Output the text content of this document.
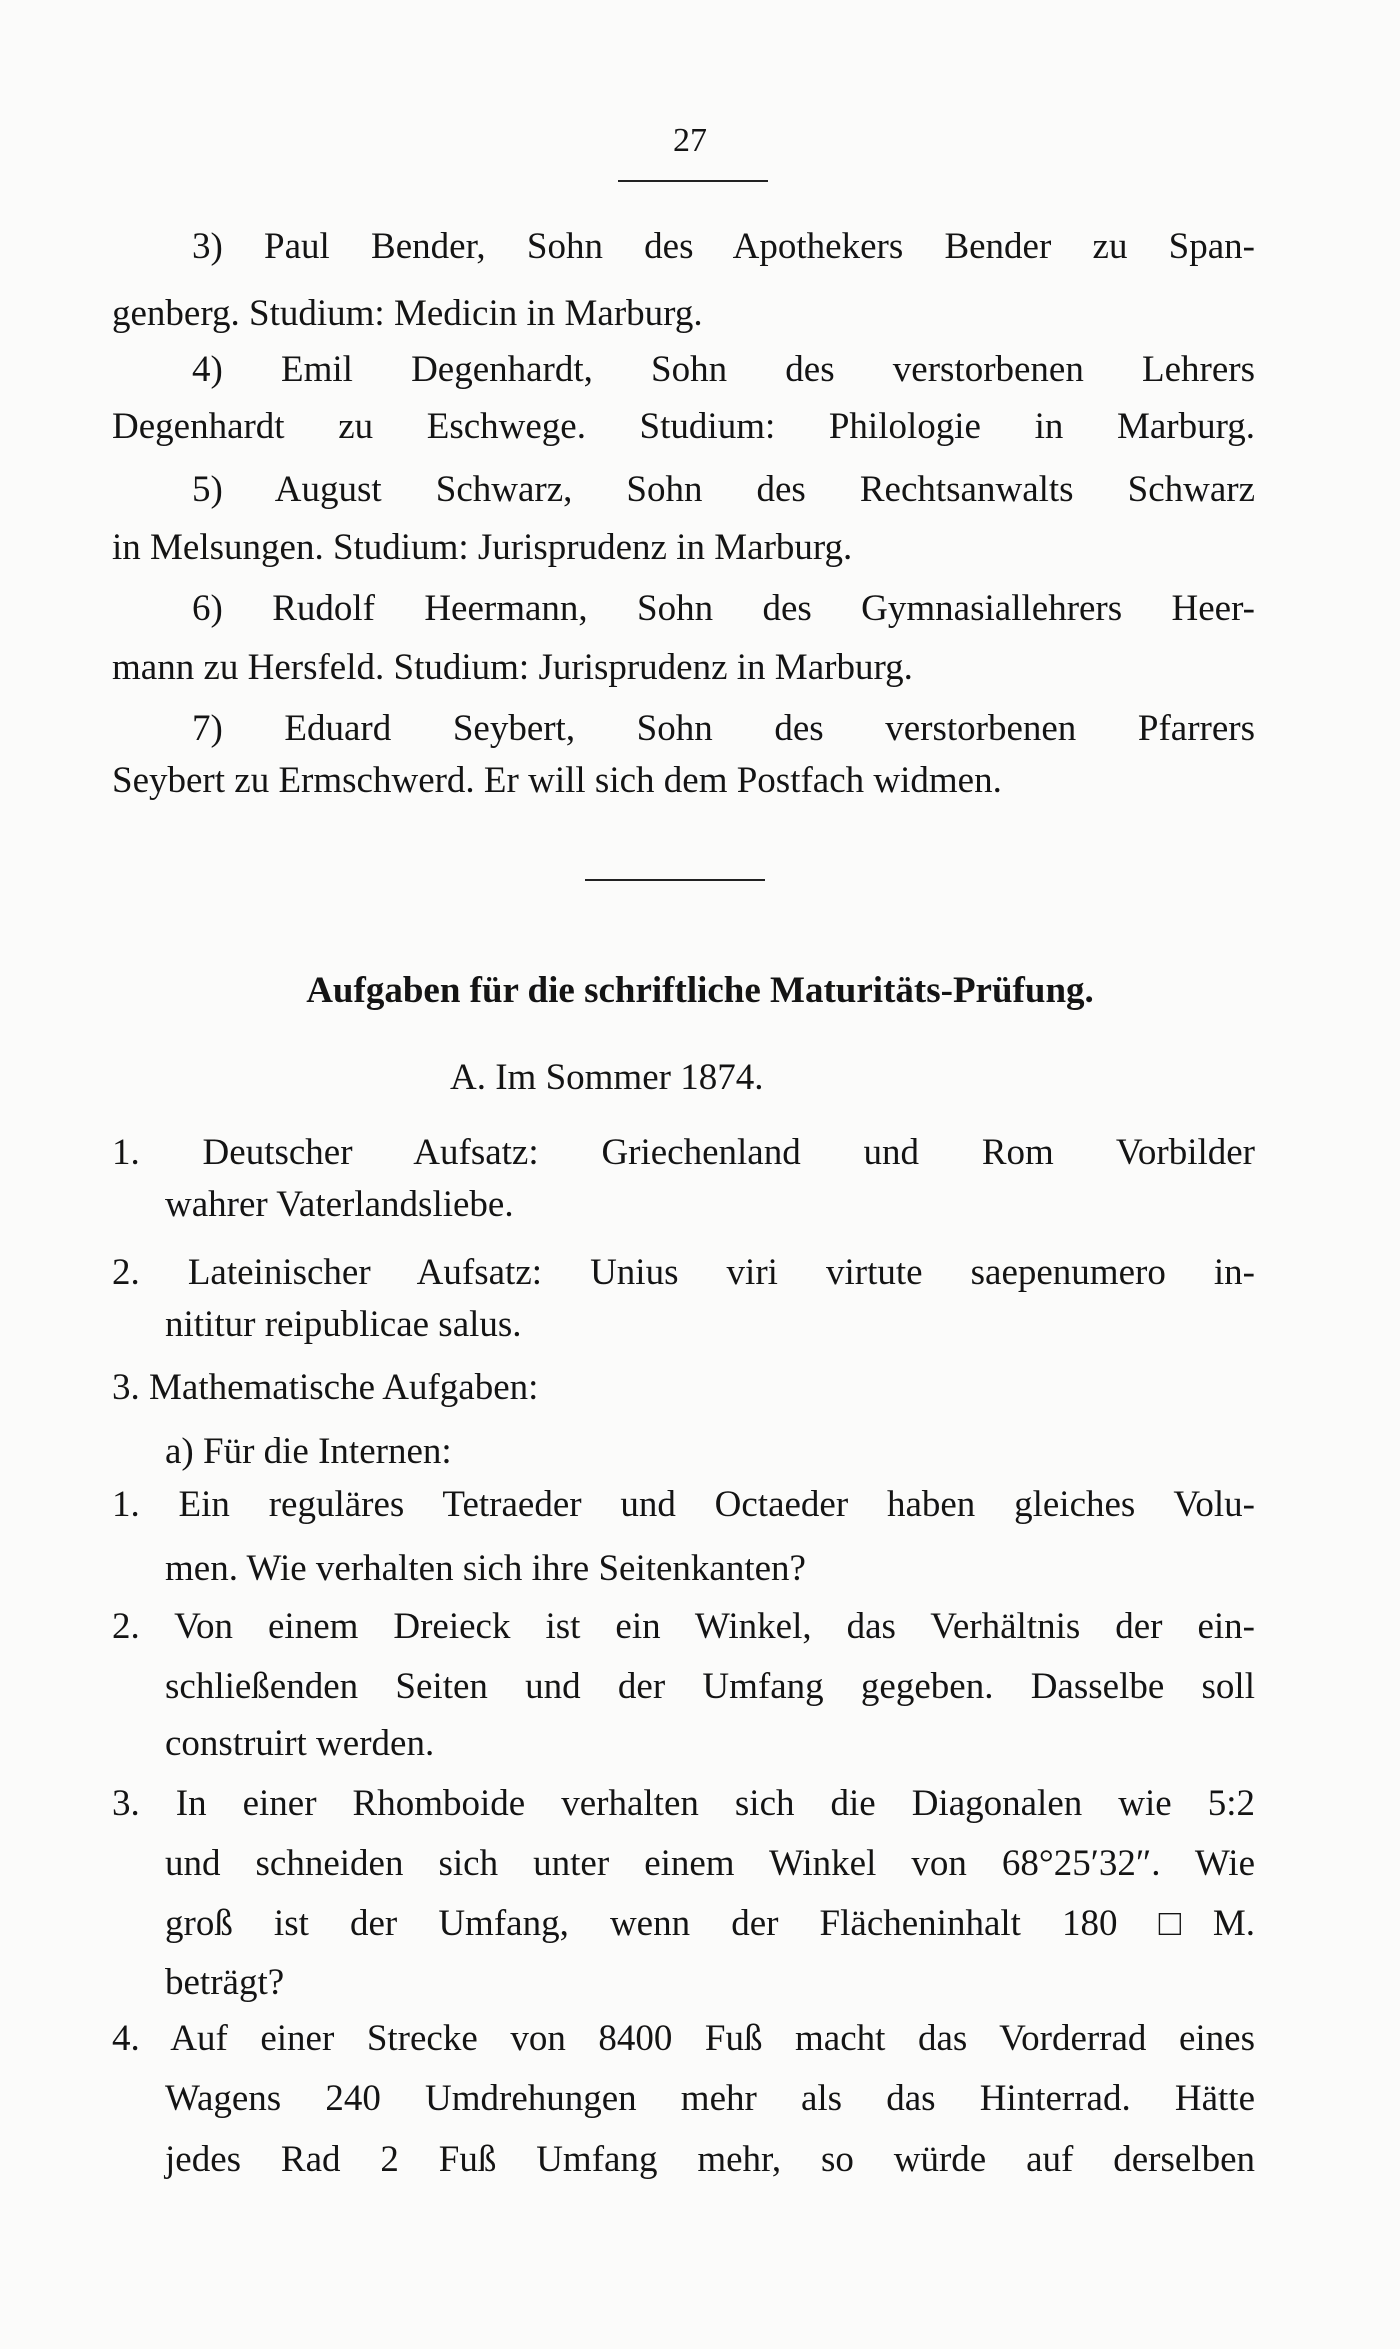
27
3) Paul Bender, Sohn des Apothekers Bender zu Span-
genberg. Studium: Medicin in Marburg.
4) Emil Degenhardt, Sohn des verstorbenen Lehrers
Degenhardt zu Eschwege. Studium: Philologie in Marburg.
5) August Schwarz, Sohn des Rechtsanwalts Schwarz
in Melsungen. Studium: Jurisprudenz in Marburg.
6) Rudolf Heermann, Sohn des Gymnasiallehrers Heer-
mann zu Hersfeld. Studium: Jurisprudenz in Marburg.
7) Eduard Seybert, Sohn des verstorbenen Pfarrers
Seybert zu Ermschwerd. Er will sich dem Postfach widmen.
Aufgaben für die schriftliche Maturitäts-Prüfung.
A. Im Sommer 1874.
1. Deutscher Aufsatz: Griechenland und Rom Vorbilder
wahrer Vaterlandsliebe.
2. Lateinischer Aufsatz: Unius viri virtute saepenumero in-
nititur reipublicae salus.
3. Mathematische Aufgaben:
a) Für die Internen:
1. Ein reguläres Tetraeder und Octaeder haben gleiches Volu-
men. Wie verhalten sich ihre Seitenkanten?
2. Von einem Dreieck ist ein Winkel, das Verhältnis der ein-
schließenden Seiten und der Umfang gegeben. Dasselbe soll
construirt werden.
3. In einer Rhomboide verhalten sich die Diagonalen wie 5:2
und schneiden sich unter einem Winkel von 68°25′32″. Wie
groß ist der Umfang, wenn der Flächeninhalt 180 □M.
beträgt?
4. Auf einer Strecke von 8400 Fuß macht das Vorderrad eines
Wagens 240 Umdrehungen mehr als das Hinterrad. Hätte
jedes Rad 2 Fuß Umfang mehr, so würde auf derselben
